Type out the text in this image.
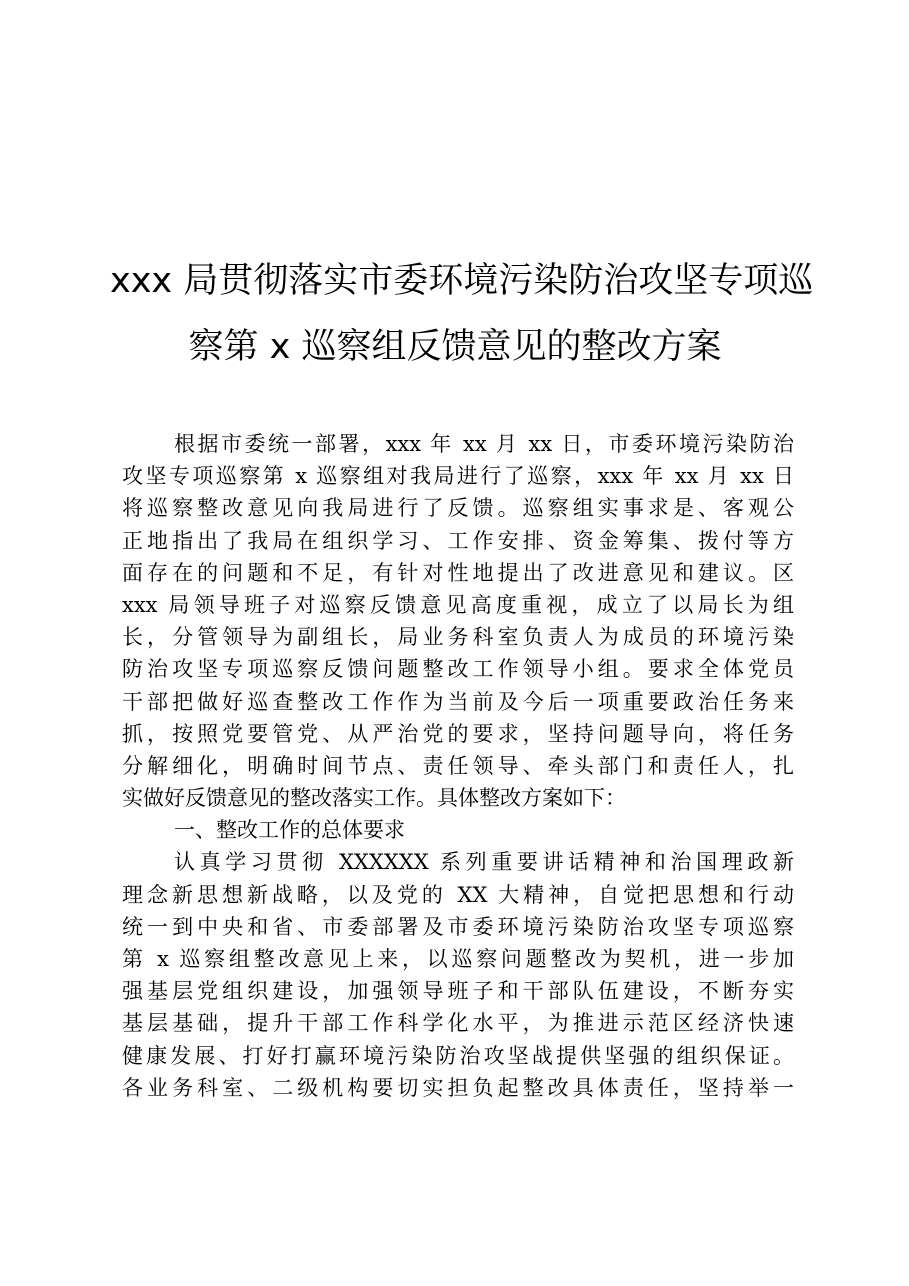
xxx 局贯彻落实市委环境污染防治攻坚专项巡
察第 x 巡察组反馈意见的整改方案
根据市委统一部署，xxx 年 xx 月 xx 日，市委环境污染防治
攻坚专项巡察第 x 巡察组对我局进行了巡察，xxx 年 xx 月 xx 日
将巡察整改意见向我局进行了反馈。巡察组实事求是、客观公
正地指出了我局在组织学习、工作安排、资金筹集、拨付等方
面存在的问题和不足，有针对性地提出了改进意见和建议。区
xxx 局领导班子对巡察反馈意见高度重视，成立了以局长为组
长，分管领导为副组长，局业务科室负责人为成员的环境污染
防治攻坚专项巡察反馈问题整改工作领导小组。要求全体党员
干部把做好巡查整改工作作为当前及今后一项重要政治任务来
抓，按照党要管党、从严治党的要求，坚持问题导向，将任务
分解细化，明确时间节点、责任领导、牵头部门和责任人，扎
实做好反馈意见的整改落实工作。具体整改方案如下：
一、整改工作的总体要求
认真学习贯彻 XXXXXX 系列重要讲话精神和治国理政新
理念新思想新战略，以及党的 XX 大精神，自觉把思想和行动
统一到中央和省、市委部署及市委环境污染防治攻坚专项巡察
第 x 巡察组整改意见上来，以巡察问题整改为契机，进一步加
强基层党组织建设，加强领导班子和干部队伍建设，不断夯实
基层基础，提升干部工作科学化水平，为推进示范区经济快速
健康发展、打好打赢环境污染防治攻坚战提供坚强的组织保证。
各业务科室、二级机构要切实担负起整改具体责任，坚持举一
